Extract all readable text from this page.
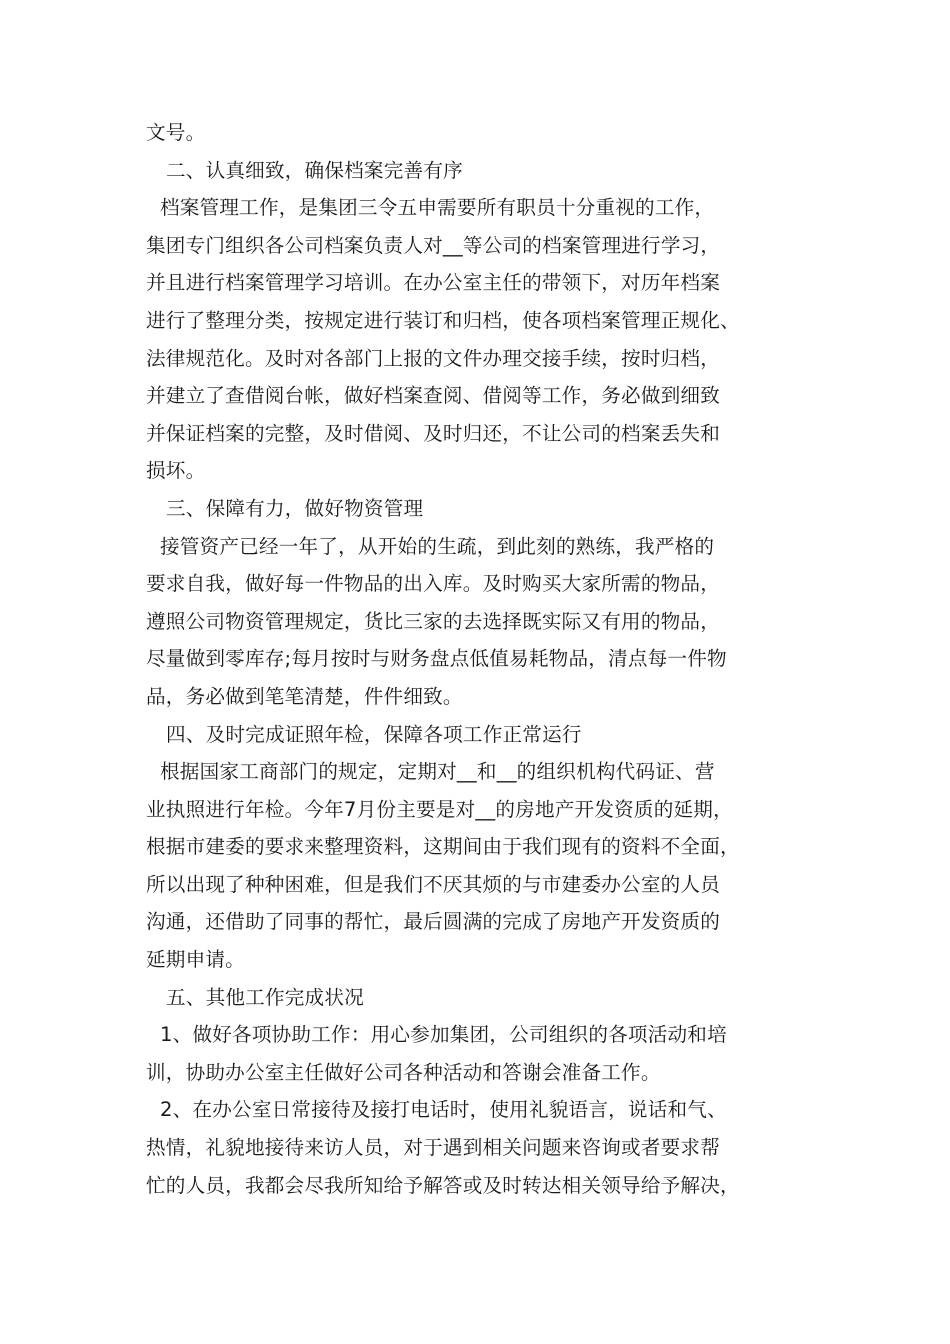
文号。

二、认真细致，确保档案完善有序

档案管理工作，是集团三令五申需要所有职员十分重视的工作，

集团专门组织各公司档案负责人对__等公司的档案管理进行学习，

并且进行档案管理学习培训。在办公室主任的带领下，对历年档案

进行了整理分类，按规定进行装订和归档，使各项档案管理正规化、

法律规范化。及时对各部门上报的文件办理交接手续，按时归档，

并建立了查借阅台帐，做好档案查阅、借阅等工作，务必做到细致

并保证档案的完整，及时借阅、及时归还，不让公司的档案丢失和

损坏。

三、保障有力，做好物资管理

接管资产已经一年了，从开始的生疏，到此刻的熟练，我严格的

要求自我，做好每一件物品的出入库。及时购买大家所需的物品，

遵照公司物资管理规定，货比三家的去选择既实际又有用的物品，

尽量做到零库存;每月按时与财务盘点低值易耗物品，清点每一件物

品，务必做到笔笔清楚，件件细致。

四、及时完成证照年检，保障各项工作正常运行

根据国家工商部门的规定，定期对__和__的组织机构代码证、营

业执照进行年检。今年7月份主要是对__的房地产开发资质的延期，

根据市建委的要求来整理资料，这期间由于我们现有的资料不全面，

所以出现了种种困难，但是我们不厌其烦的与市建委办公室的人员

沟通，还借助了同事的帮忙，最后圆满的完成了房地产开发资质的

延期申请。

五、其他工作完成状况

1、做好各项协助工作：用心参加集团，公司组织的各项活动和培

训，协助办公室主任做好公司各种活动和答谢会准备工作。

2、在办公室日常接待及接打电话时，使用礼貌语言，说话和气、

热情，礼貌地接待来访人员，对于遇到相关问题来咨询或者要求帮

忙的人员，我都会尽我所知给予解答或及时转达相关领导给予解决，
